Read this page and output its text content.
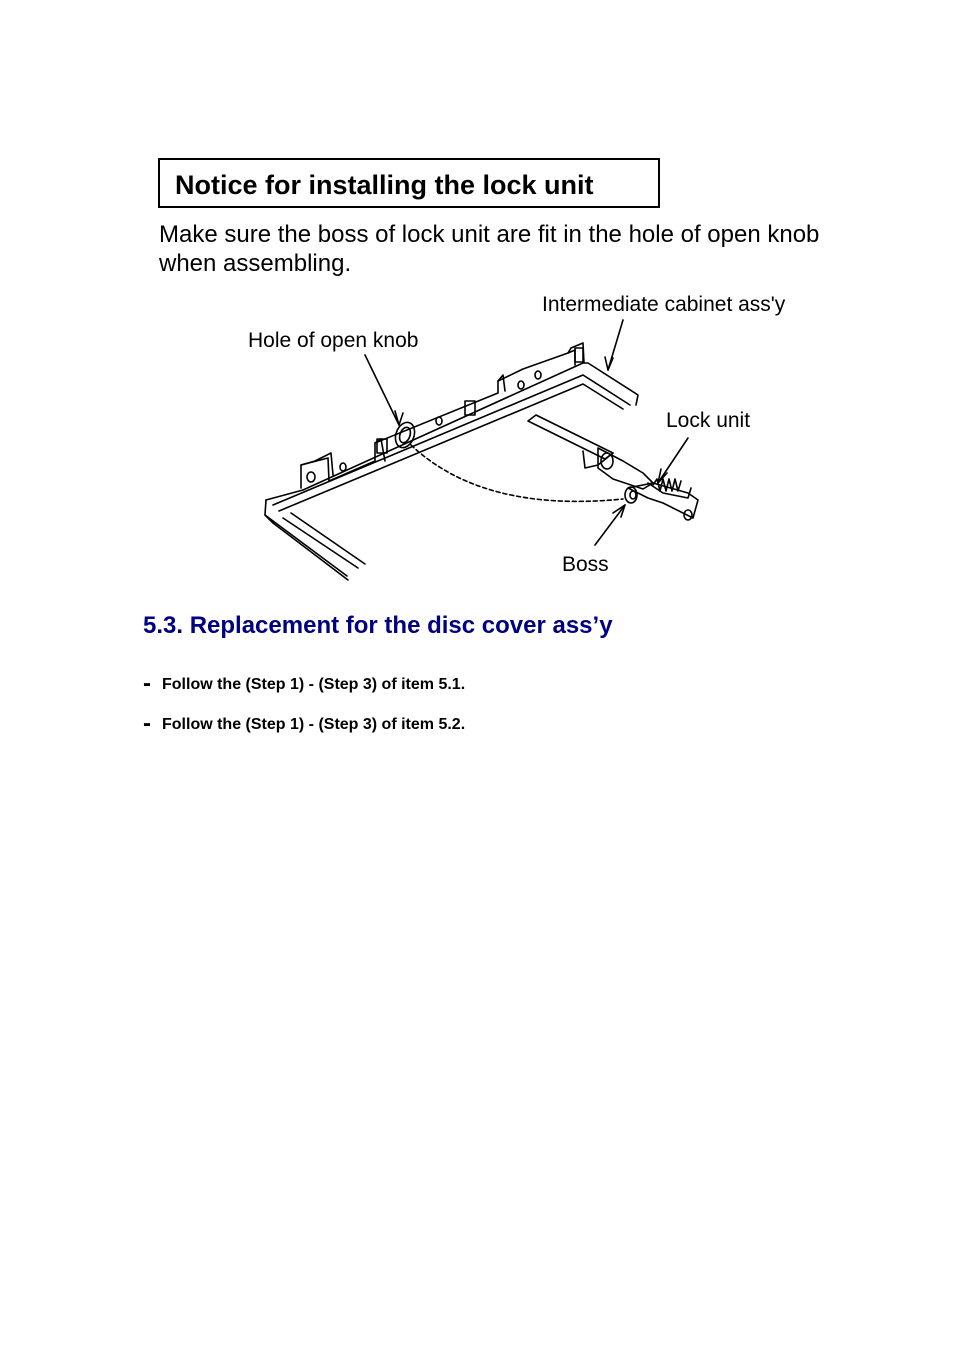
Notice for installing the lock unit
Make sure the boss of lock unit are fit in the hole of open knob when assembling.
Intermediate cabinet ass'y
Hole of open knob
Lock unit
Boss
5.3. Replacement for the disc cover ass’y
- Follow the (Step 1) - (Step 3) of item 5.1.
- Follow the (Step 1) - (Step 3) of item 5.2.
